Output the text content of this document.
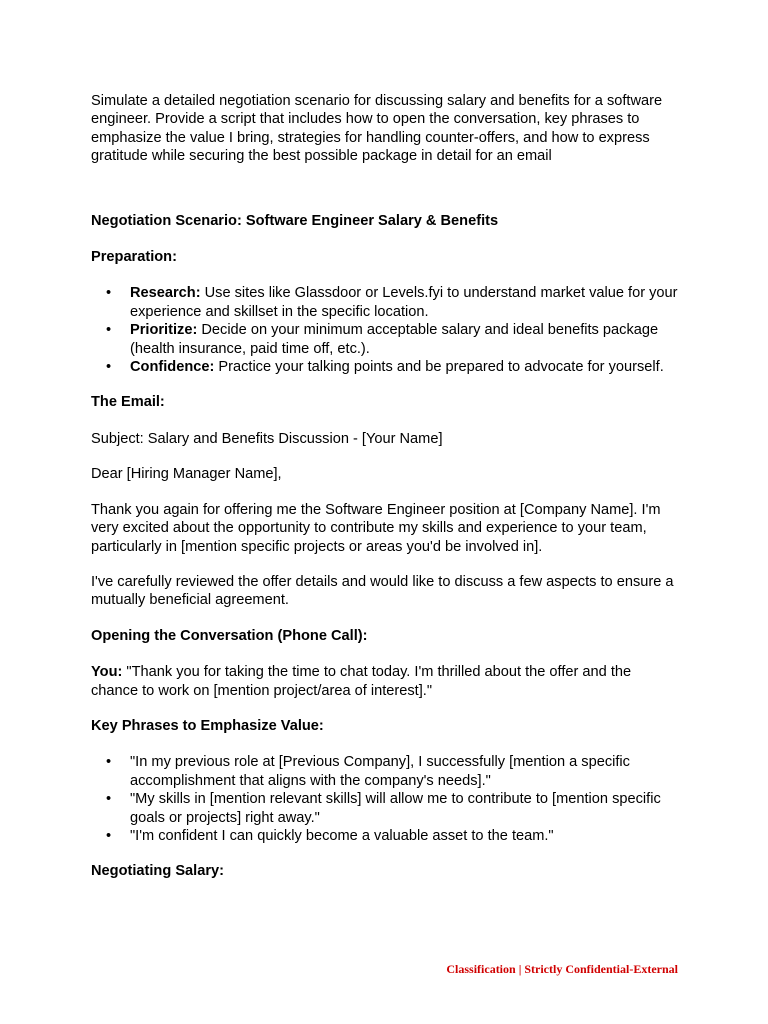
Simulate a detailed negotiation scenario for discussing salary and benefits for a software engineer. Provide a script that includes how to open the conversation, key phrases to emphasize the value I bring, strategies for handling counter-offers, and how to express gratitude while securing the best possible package in detail for an email

Negotiation Scenario: Software Engineer Salary & Benefits

Preparation:

• Research: Use sites like Glassdoor or Levels.fyi to understand market value for your experience and skillset in the specific location.
• Prioritize: Decide on your minimum acceptable salary and ideal benefits package (health insurance, paid time off, etc.).
• Confidence: Practice your talking points and be prepared to advocate for yourself.

The Email:

Subject: Salary and Benefits Discussion - [Your Name]

Dear [Hiring Manager Name],

Thank you again for offering me the Software Engineer position at [Company Name]. I'm very excited about the opportunity to contribute my skills and experience to your team, particularly in [mention specific projects or areas you'd be involved in].

I've carefully reviewed the offer details and would like to discuss a few aspects to ensure a mutually beneficial agreement.

Opening the Conversation (Phone Call):

You: "Thank you for taking the time to chat today. I'm thrilled about the offer and the chance to work on [mention project/area of interest]."

Key Phrases to Emphasize Value:

• "In my previous role at [Previous Company], I successfully [mention a specific accomplishment that aligns with the company's needs]."
• "My skills in [mention relevant skills] will allow me to contribute to [mention specific goals or projects] right away."
• "I'm confident I can quickly become a valuable asset to the team."

Negotiating Salary:

Classification | Strictly Confidential-External
